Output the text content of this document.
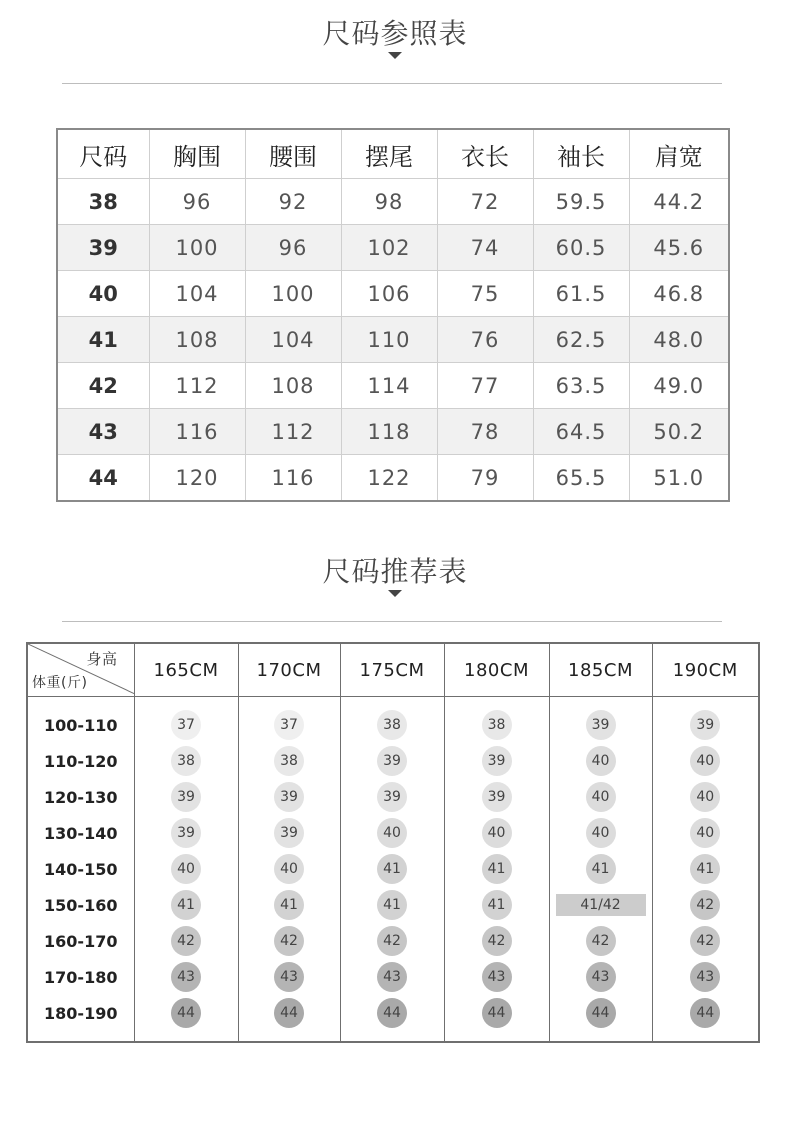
尺码参照表
尺码	胸围	腰围	摆尾	衣长	袖长	肩宽
38	96	92	98	72	59.5	44.2
39	100	96	102	74	60.5	45.6
40	104	100	106	75	61.5	46.8
41	108	104	110	76	62.5	48.0
42	112	108	114	77	63.5	49.0
43	116	112	118	78	64.5	50.2
44	120	116	122	79	65.5	51.0
尺码推荐表
身高
体重(斤)	165CM	170CM	175CM	180CM	185CM	190CM

100-110	37	37	38	38	39	39
110-120	38	38	39	39	40	40
120-130	39	39	39	39	40	40
130-140	39	39	40	40	40	40
140-150	40	40	41	41	41	41
150-160	41	41	41	41	41/42	42
160-170	42	42	42	42	42	42
170-180	43	43	43	43	43	43
180-190	44	44	44	44	44	44
